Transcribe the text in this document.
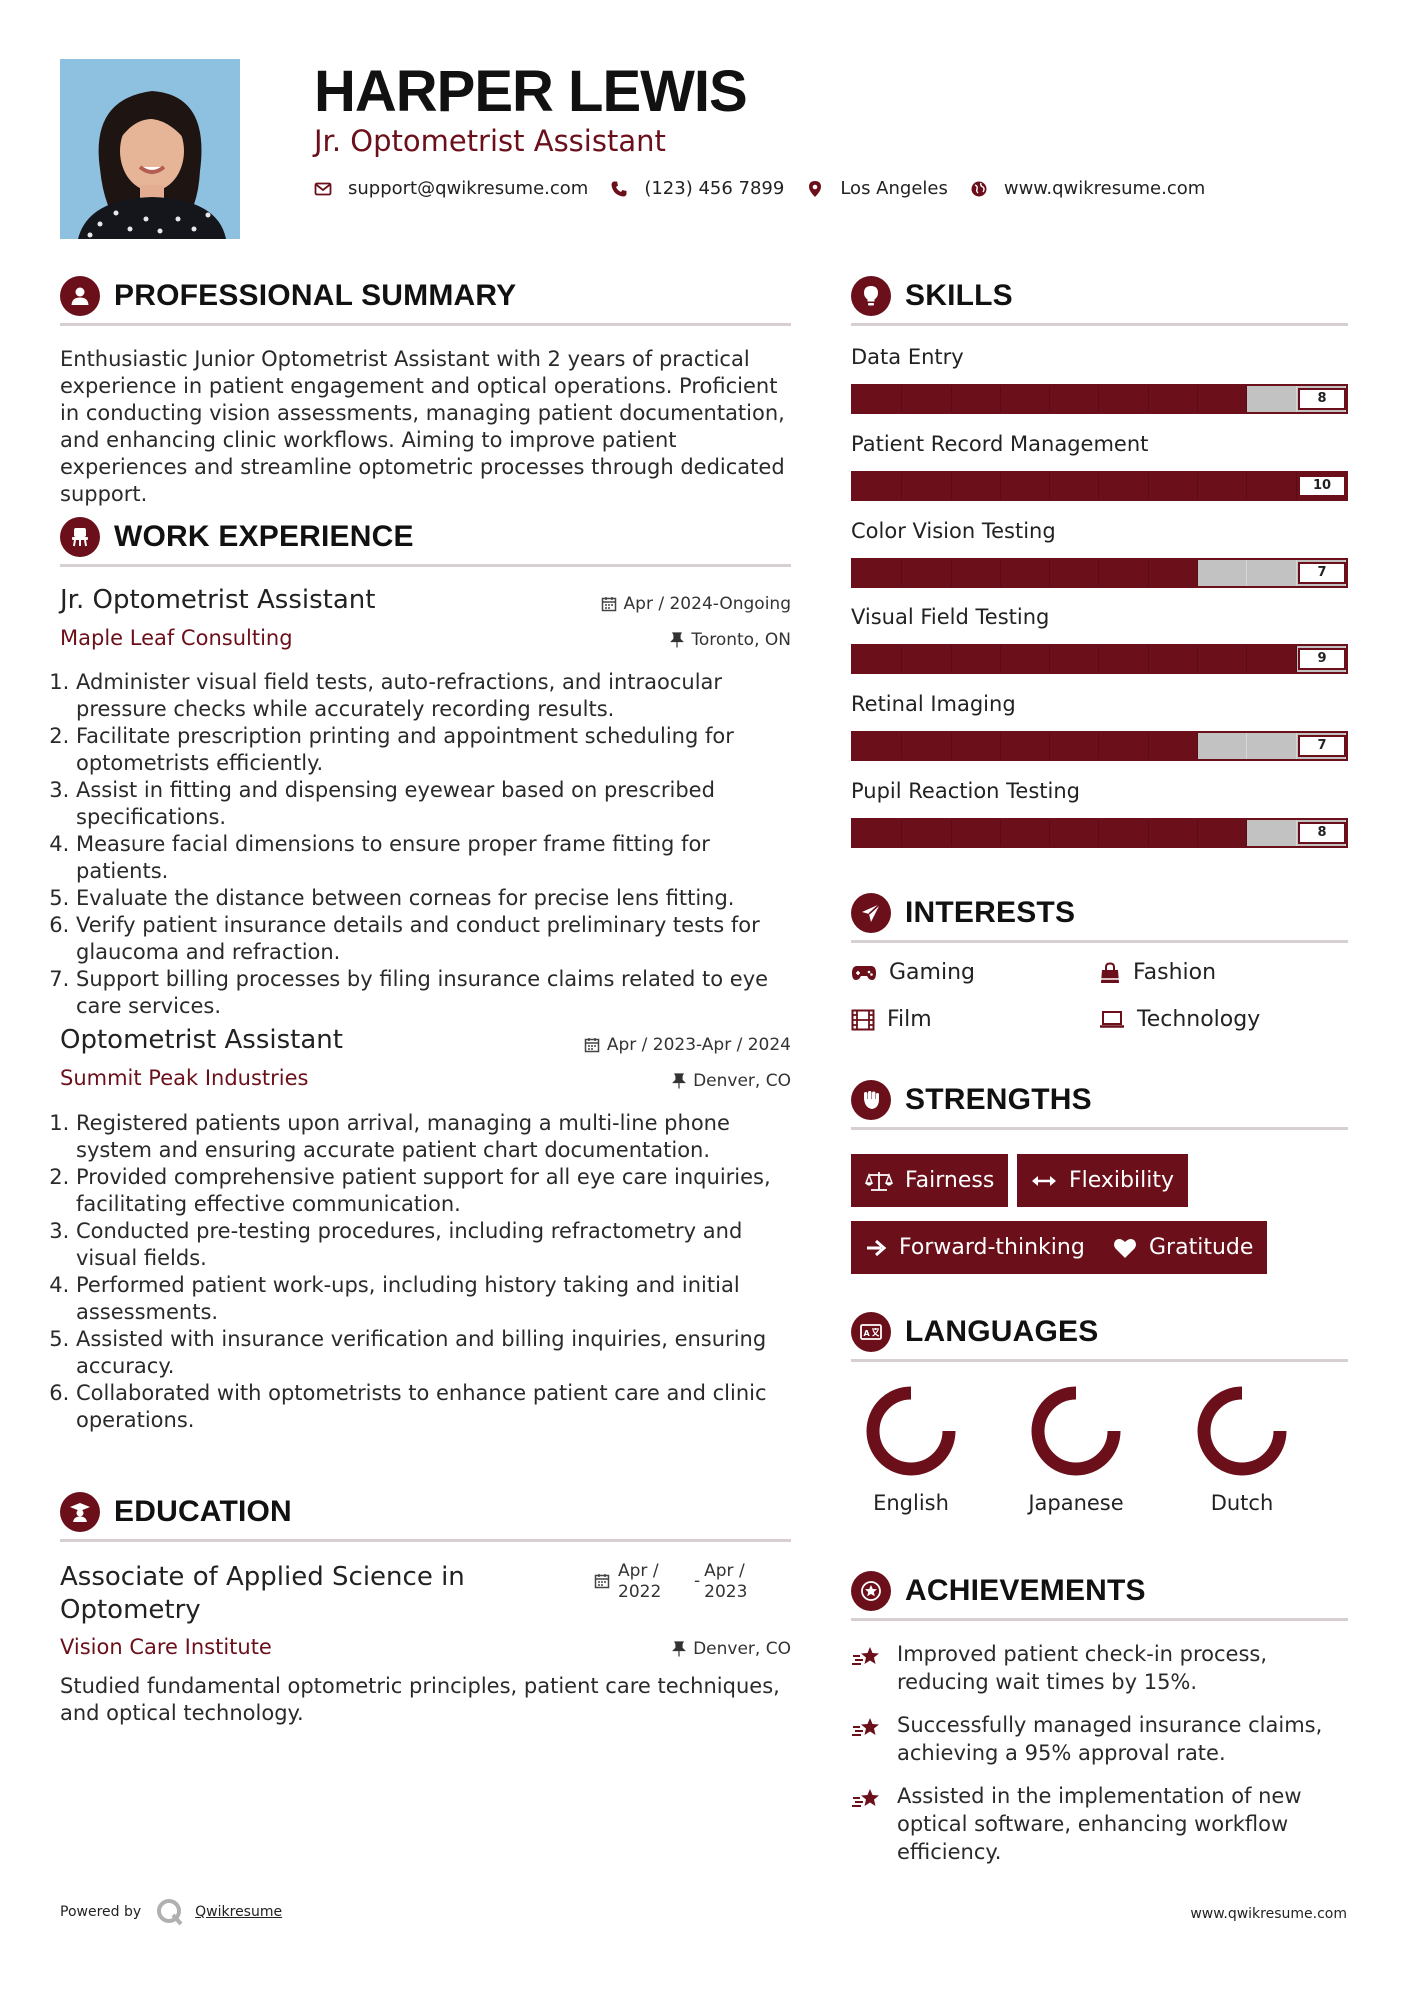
HARPER LEWIS
Jr. Optometrist Assistant
support@qwikresume.com	(123) 456 7899	Los Angeles	www.qwikresume.com
PROFESSIONAL SUMMARY
Enthusiastic Junior Optometrist Assistant with 2 years of practical experience in patient engagement and optical operations. Proficient in conducting vision assessments, managing patient documentation, and enhancing clinic workflows. Aiming to improve patient experiences and streamline optometric processes through dedicated support.
WORK EXPERIENCE
Jr. Optometrist Assistant
Maple Leaf Consulting
Apr / 2024-Ongoing
Toronto, ON
1. Administer visual field tests, auto-refractions, and intraocular pressure checks while accurately recording results.
2. Facilitate prescription printing and appointment scheduling for optometrists efficiently.
3. Assist in fitting and dispensing eyewear based on prescribed specifications.
4. Measure facial dimensions to ensure proper frame fitting for patients.
5. Evaluate the distance between corneas for precise lens fitting.
6. Verify patient insurance details and conduct preliminary tests for glaucoma and refraction.
7. Support billing processes by filing insurance claims related to eye care services.
Optometrist Assistant
Summit Peak Industries
Apr / 2023-Apr / 2024
Denver, CO
1. Registered patients upon arrival, managing a multi-line phone system and ensuring accurate patient chart documentation.
2. Provided comprehensive patient support for all eye care inquiries, facilitating effective communication.
3. Conducted pre-testing procedures, including refractometry and visual fields.
4. Performed patient work-ups, including history taking and initial assessments.
5. Assisted with insurance verification and billing inquiries, ensuring accuracy.
6. Collaborated with optometrists to enhance patient care and clinic operations.
EDUCATION
Associate of Applied Science in Optometry
Vision Care Institute
Apr / 2022
- Apr / 2023
Denver, CO
Studied fundamental optometric principles, patient care techniques, and optical technology.
SKILLS
Data Entry
8
Patient Record Management
10
Color Vision Testing
7
Visual Field Testing
9
Retinal Imaging
7
Pupil Reaction Testing
8
INTERESTS
Gaming	Fashion
Film	Technology
STRENGTHS
Fairness	Flexibility
Forward-thinking	Gratitude
A LANGUAGES
English	Japanese	Dutch
ACHIEVEMENTS
Improved patient check-in process, reducing wait times by 15%.
Successfully managed insurance claims, achieving a 95% approval rate.
Assisted in the implementation of new optical software, enhancing workflow efficiency.
Powered by	Qwikresume	www.qwikresume.com
